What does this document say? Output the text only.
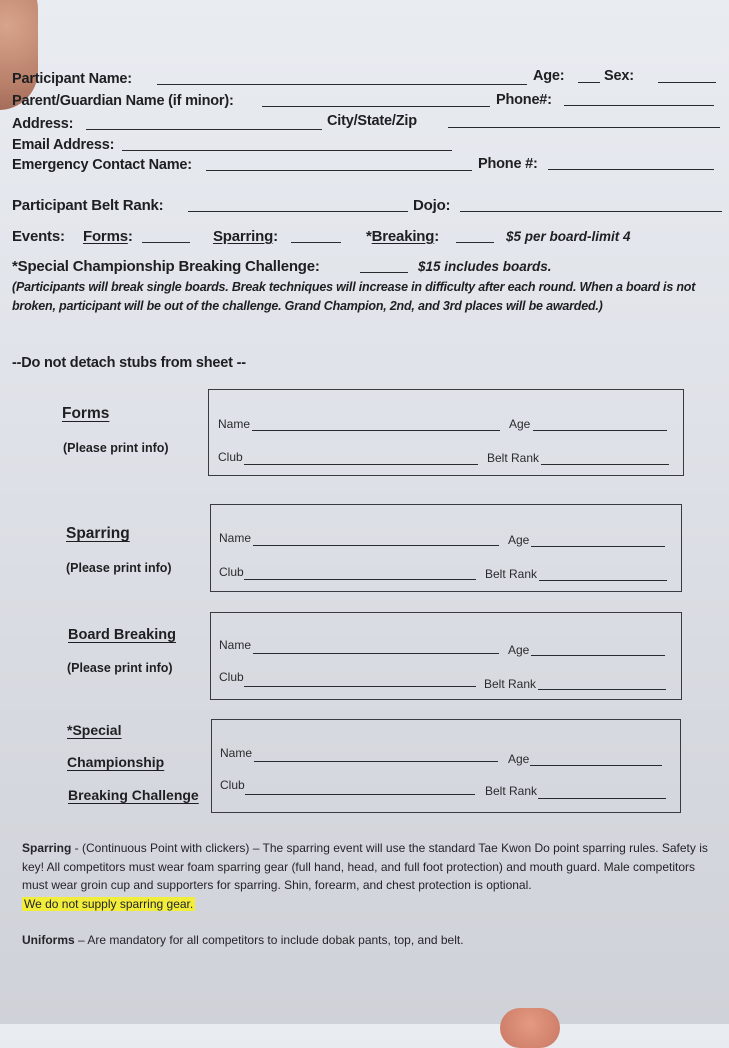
Participant Name:	Age:	Sex:
Parent/Guardian Name (if minor):	Phone#:
Address:	City/State/Zip
Email Address:
Emergency Contact Name:	Phone #:
Participant Belt Rank:	Dojo:
Events: Forms:	Sparring:	*Breaking:	$5 per board-limit 4
*Special Championship Breaking Challenge:	$15 includes boards.
(Participants will break single boards. Break techniques will increase in difficulty after each round. When a board is not broken, participant will be out of the challenge. Grand Champion, 2nd, and 3rd places will be awarded.)
--Do not detach stubs from sheet --
Forms
(Please print info)
Name	Age
Club	Belt Rank
Sparring
(Please print info)
Name	Age
Club	Belt Rank
Board Breaking
(Please print info)
Name	Age
Club	Belt Rank
*Special
Championship
Breaking Challenge
Name	Age
Club	Belt Rank
Sparring - (Continuous Point with clickers) – The sparring event will use the standard Tae Kwon Do point sparring rules. Safety is key! All competitors must wear foam sparring gear (full hand, head, and full foot protection) and mouth guard. Male competitors must wear groin cup and supporters for sparring. Shin, forearm, and chest protection is optional.
We do not supply sparring gear.
Uniforms – Are mandatory for all competitors to include dobak pants, top, and belt.
